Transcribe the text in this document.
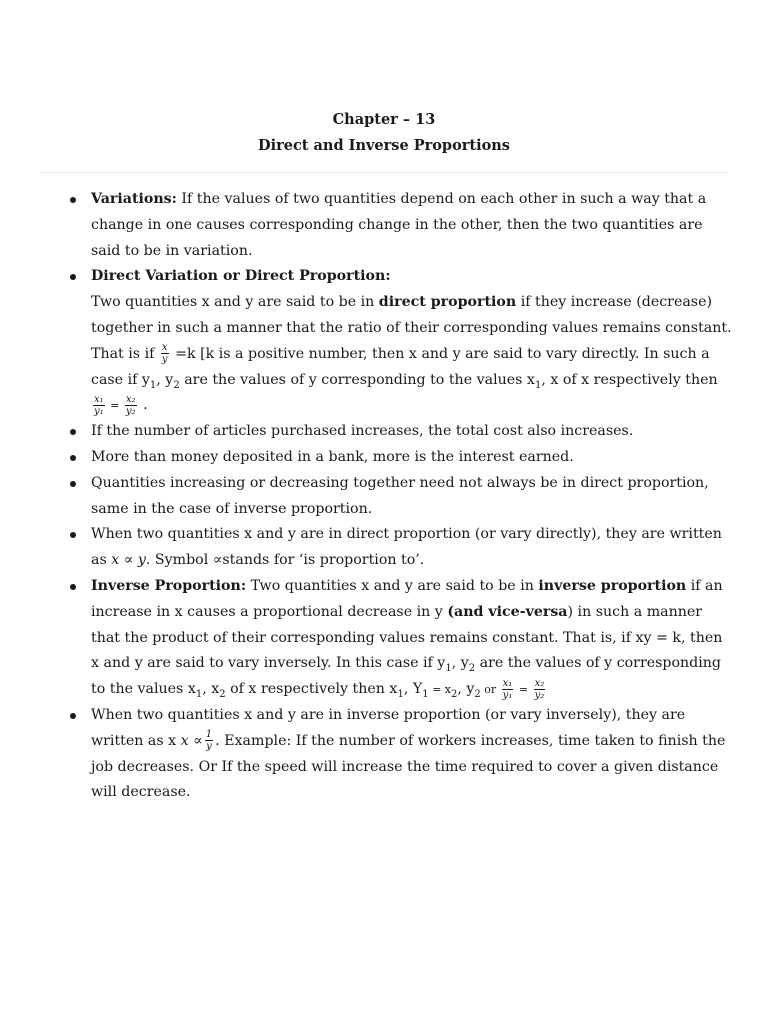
Chapter – 13

Direct and Inverse Proportions

Variations: If the values of two quantities depend on each other in such a way that a change in one causes corresponding change in the other, then the two quantities are said to be in variation.
Direct Variation or Direct Proportion:
Two quantities x and y are said to be in direct proportion if they increase (decrease) together in such a manner that the ratio of their corresponding values remains constant. That is if $\frac{x}{y} =k$ [k is a positive number, then x and y are said to vary directly. In such a case if $y_1$, $y_2$ are the values of y corresponding to the values $x_1$, x of x respectively then
$\frac{\text{x₁}}{\text{y₁}} = \frac{\text{x₂}}{\text{y₂}}$ .
If the number of articles purchased increases, the total cost also increases.
More than money deposited in a bank, more is the interest earned.
Quantities increasing or decreasing together need not always be in direct proportion, same in the case of inverse proportion.
When two quantities x and y are in direct proportion (or vary directly), they are written as x ∝ y. Symbol ∝stands for ‘is proportion to’.
Inverse Proportion: Two quantities x and y are said to be in inverse proportion if an increase in x causes a proportional decrease in y (and vice-versa) in such a manner that the product of their corresponding values remains constant. That is, if xy = k, then x and y are said to vary inversely. In this case if $y_1$, $y_2$ are the values of y corresponding to the values $x_1$, $x_2$ of x respectively then $x_1$, $Y_1 = x_2$, $y_2$ or $\frac{\text{x₁}}{\text{y₁}} = \frac{\text{x₂}}{\text{y₂}}$
When two quantities x and y are in inverse proportion (or vary inversely), they are written as x $x \propto \frac{1}{y}$ . Example: If the number of workers increases, time taken to finish the job decreases. Or If the speed will increase the time required to cover a given distance will decrease.
